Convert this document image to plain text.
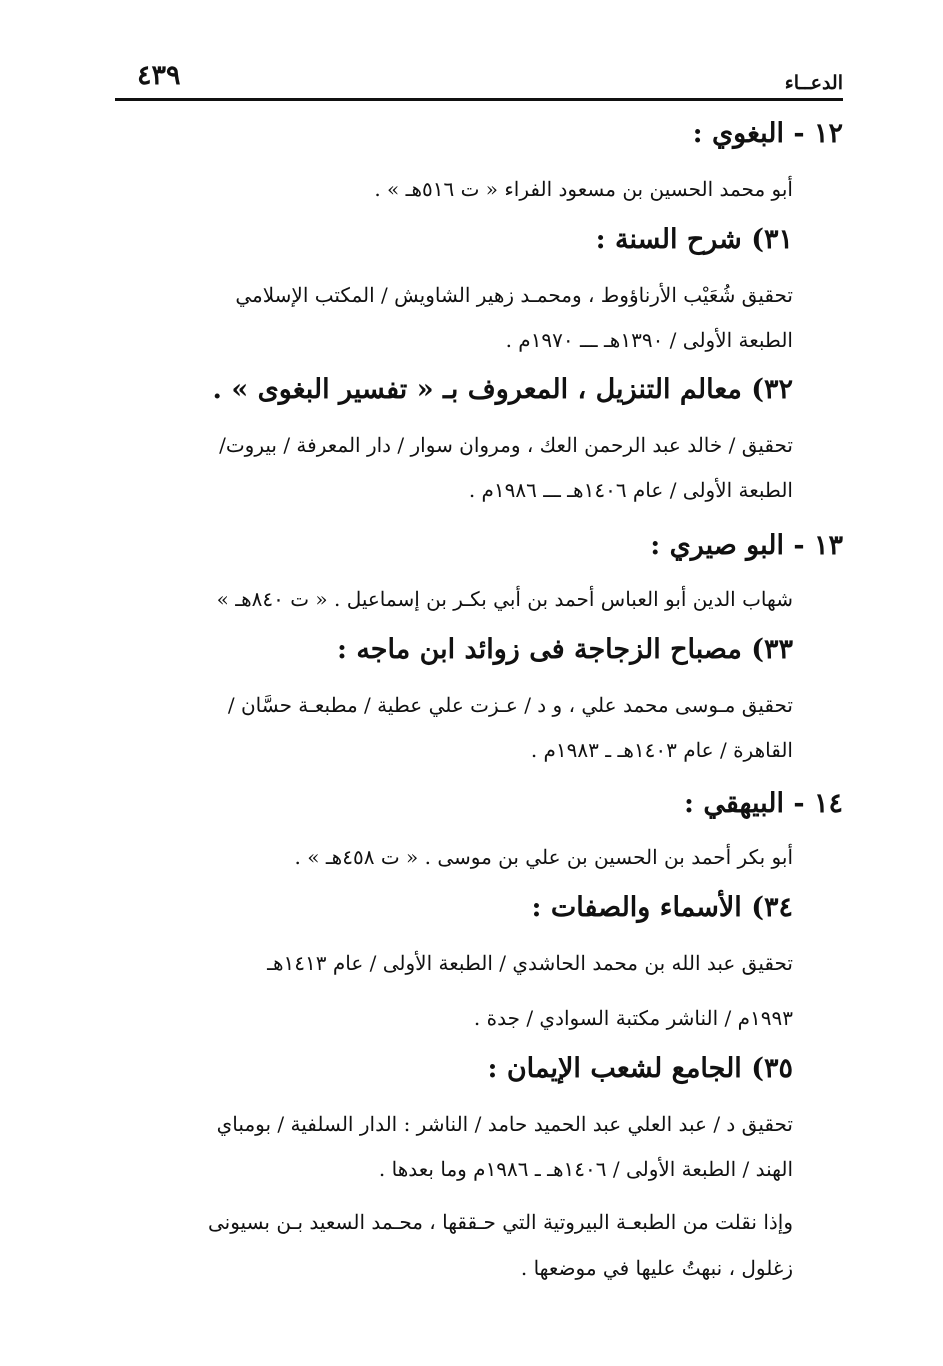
الدعــاء
٤٣٩
١٢ - البغوي :
أبو محمد الحسين بن مسعود الفراء « ت ٥١٦هـ » .
٣١) شرح السنة :
تحقيق شُعَيْب الأرناؤوط ، ومحمـد زهير الشاويش / المكتب الإسلامي
الطبعة الأولى / ١٣٩٠هـ ـــ ١٩٧٠م .
٣٢) معالم التنزيل ، المعروف بـ « تفسير البغوى » .
تحقيق / خالد عبد الرحمن العك ، ومروان سوار / دار المعرفة / بيروت/
الطبعة الأولى / عام ١٤٠٦هـ ـــ ١٩٨٦م .
١٣ - البو صيري :
شهاب الدين أبو العباس أحمد بن أبي بكـر بن إسماعيل . « ت ٨٤٠هـ »
٣٣) مصباح الزجاجة فى زوائد ابن ماجه :
تحقيق مـوسى محمد علي ، و د / عـزت علي عطية / مطبعـة حسَّان /
القاهرة / عام ١٤٠٣هـ ـ ١٩٨٣م .
١٤ - البيهقي :
أبو بكر أحمد بن الحسين بن علي بن موسى . « ت ٤٥٨هـ » .
٣٤) الأسماء والصفات :
تحقيق عبد الله بن محمد الحاشدي / الطبعة الأولى / عام ١٤١٣هـ
١٩٩٣م / الناشر مكتبة السوادي / جدة .
٣٥) الجامع لشعب الإيمان :
تحقيق د / عبد العلي عبد الحميد حامد / الناشر : الدار السلفية / بومباي
الهند / الطبعة الأولى / ١٤٠٦هـ ـ ١٩٨٦م وما بعدها .
وإذا نقلت من الطبعـة البيروتية التي حـققها ، محـمد السعيد بـن بسيونى
زغلول ، نبهتُ عليها في موضعها .
